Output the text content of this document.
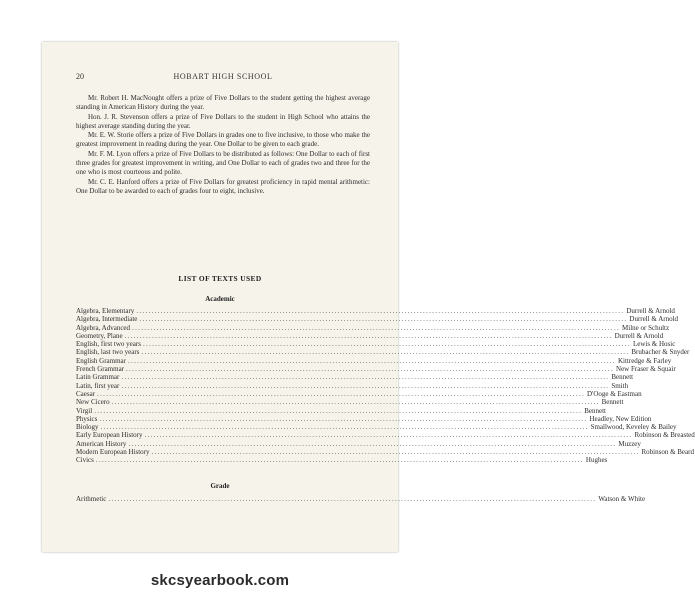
20	HOBART HIGH SCHOOL

Mr. Robert H. MacNought offers a prize of Five Dollars to the student getting the highest average standing in American History during the year.

Hon. J. R. Stevenson offers a prize of Five Dollars to the student in High School who attains the highest average standing during the year.

Mr. E. W. Storie offers a prize of Five Dollars in grades one to five inclusive, to those who make the greatest improvement in reading during the year. One Dollar to be given to each grade.

Mr. F. M. Lyon offers a prize of Five Dollars to be distributed as follows: One Dollar to each of first three grades for greatest improvement in writing, and One Dollar to each of grades two and three for the one who is most courteous and polite.

Mr. C. E. Hanford offers a prize of Five Dollars for greatest proficiency in rapid mental arithmetic: One Dollar to be awarded to each of grades four to eight, inclusive.

LIST OF TEXTS USED
Academic
Algebra, Elementary ................................................................................................................................................................ Durrell & Arnold
Algebra, Intermediate ................................................................................................................................................................ Durrell & Arnold
Algebra, Advanced ................................................................................................................................................................ Milne or Schultz
Geometry, Plane ................................................................................................................................................................ Durrell & Arnold
English, first two years ................................................................................................................................................................ Lewis & Hosic
English, last two years ................................................................................................................................................................ Brubacher & Snyder
English Grammar ................................................................................................................................................................ Kittredge & Farley
French Grammar ................................................................................................................................................................ New Fraser & Squair
Latin Grammar ................................................................................................................................................................ Bennett
Latin, first year ................................................................................................................................................................ Smith
Caesar ................................................................................................................................................................ D'Ooge & Eastman
New Cicero ................................................................................................................................................................ Bennett
Virgil ................................................................................................................................................................ Bennett
Physics ................................................................................................................................................................ Headley, New Edition
Biology ................................................................................................................................................................ Smallwood, Keveley & Bailey
Early European History ................................................................................................................................................................ Robinson & Breasted
American History ................................................................................................................................................................ Muzzey
Modern European History ................................................................................................................................................................ Robinson & Beard
Civics ................................................................................................................................................................ Hughes
Grade
Arithmetic ................................................................................................................................................................ Watson & White
skcsyearbook.com
